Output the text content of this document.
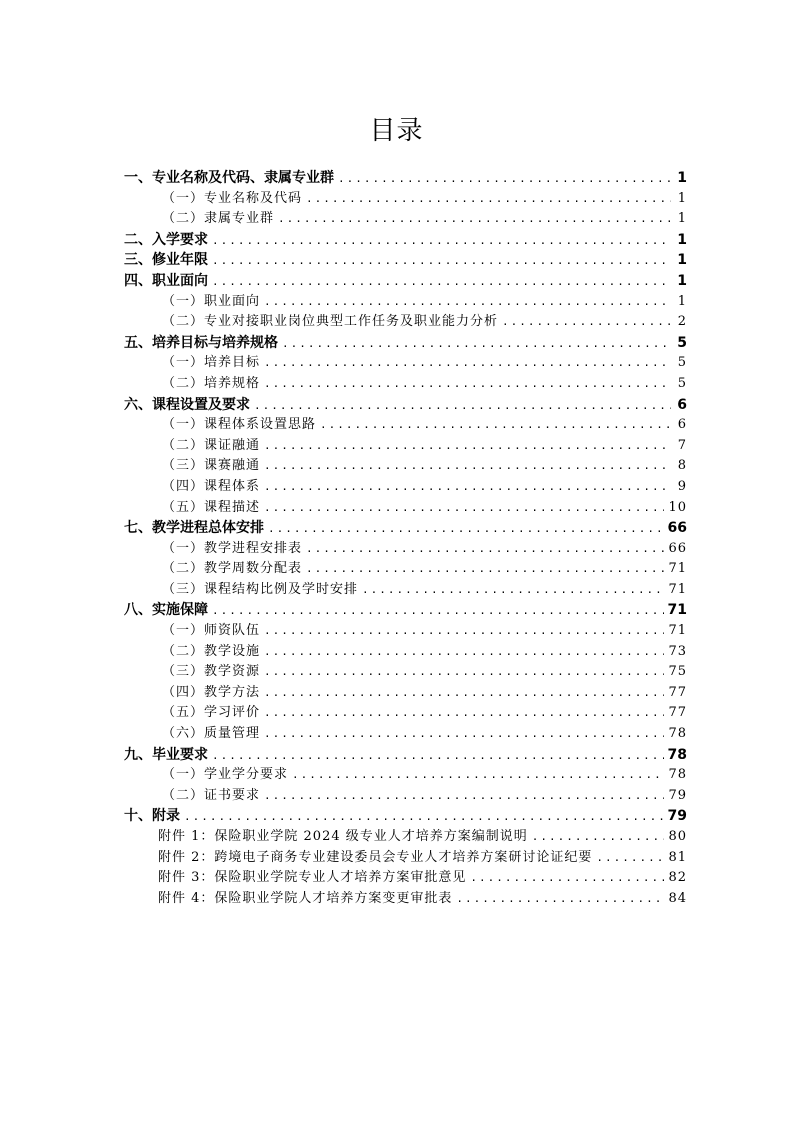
目录
一、专业名称及代码、隶属专业群 .....	1
（一）专业名称及代码 .....	1
（二）隶属专业群 .....	1
二、入学要求 .....	1
三、修业年限 .....	1
四、职业面向 .....	1
（一）职业面向 .....	1
（二）专业对接职业岗位典型工作任务及职业能力分析 .....	2
五、培养目标与培养规格 .....	5
（一）培养目标 .....	5
（二）培养规格 .....	5
六、课程设置及要求 .....	6
（一）课程体系设置思路 .....	6
（二）课证融通 .....	7
（三）课赛融通 .....	8
（四）课程体系 .....	9
（五）课程描述 .....	10
七、教学进程总体安排 .....	66
（一）教学进程安排表 .....	66
（二）教学周数分配表 .....	71
（三）课程结构比例及学时安排 .....	71
八、实施保障 .....	71
（一）师资队伍 .....	71
（二）教学设施 .....	73
（三）教学资源 .....	75
（四）教学方法 .....	77
（五）学习评价 .....	77
（六）质量管理 .....	78
九、毕业要求 .....	78
（一）学业学分要求 .....	78
（二）证书要求 .....	79
十、附录 .....	79
附件 1：保险职业学院 2024 级专业人才培养方案编制说明 .....	80
附件 2：跨境电子商务专业建设委员会专业人才培养方案研讨论证纪要 .....	81
附件 3：保险职业学院专业人才培养方案审批意见 .....	82
附件 4：保险职业学院人才培养方案变更审批表 .....	84
